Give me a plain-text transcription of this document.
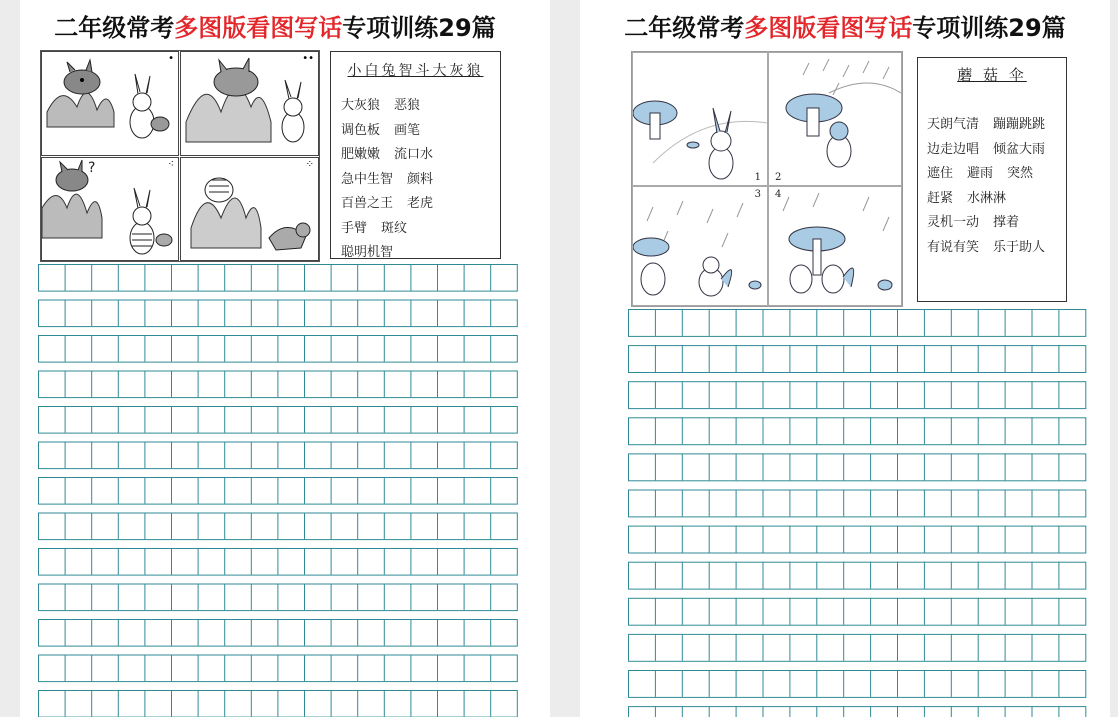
二年级常考多图版看图写话专项训练29篇
•	••
?	⁖	⁘
小白兔智斗大灰狼
大灰狼 恶狼
调色板 画笔
肥嫩嫩 流口水
急中生智 颜料
百兽之王 老虎
手臂 斑纹
聪明机智
二年级常考多图版看图写话专项训练29篇
1 2
3 4
蘑 菇 伞
天朗气清 蹦蹦跳跳
边走边唱 倾盆大雨
遮住 避雨 突然
赶紧 水淋淋
灵机一动 撑着
有说有笑 乐于助人
